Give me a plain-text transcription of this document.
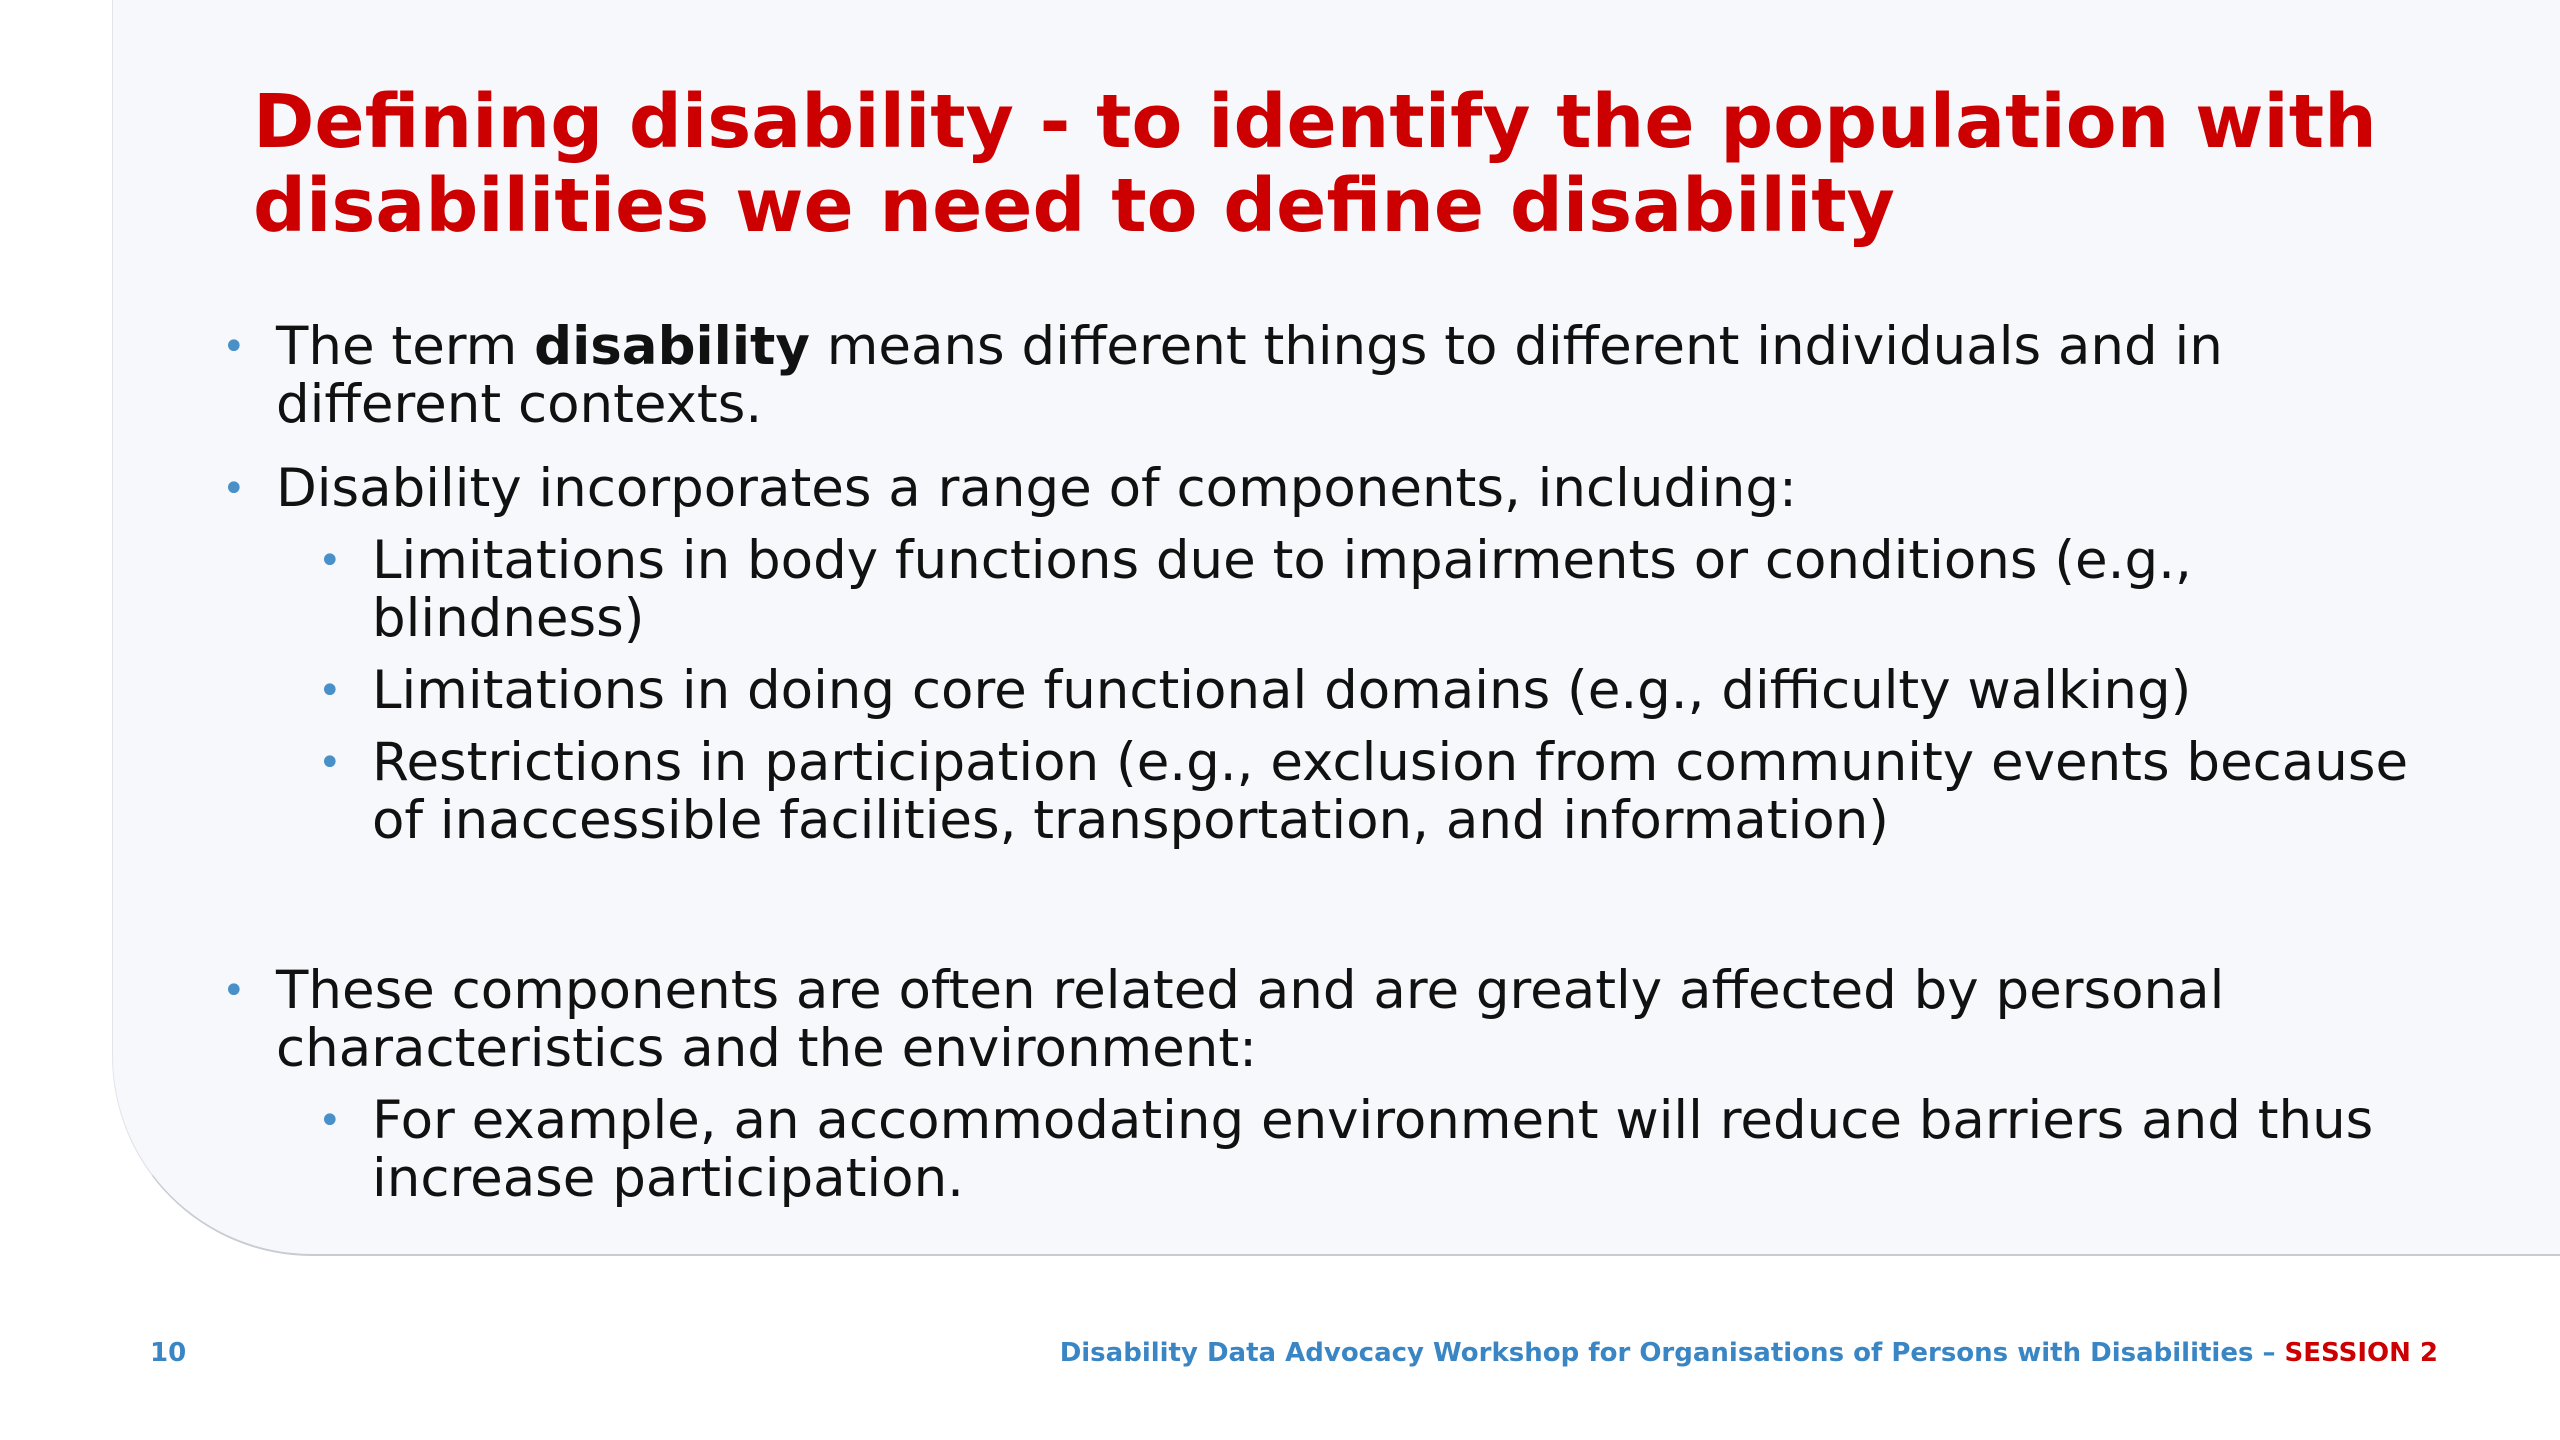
Defining disability - to identify the population with
disabilities we need to define disability
• The term disability means different things to different individuals and in
different contexts.
• Disability incorporates a range of components, including:
• Limitations in body functions due to impairments or conditions (e.g.,
blindness)
• Limitations in doing core functional domains (e.g., difficulty walking)
• Restrictions in participation (e.g., exclusion from community events because
of inaccessible facilities, transportation, and information)
• These components are often related and are greatly affected by personal
characteristics and the environment:
• For example, an accommodating environment will reduce barriers and thus
increase participation.
10	Disability Data Advocacy Workshop for Organisations of Persons with Disabilities – SESSION 2
